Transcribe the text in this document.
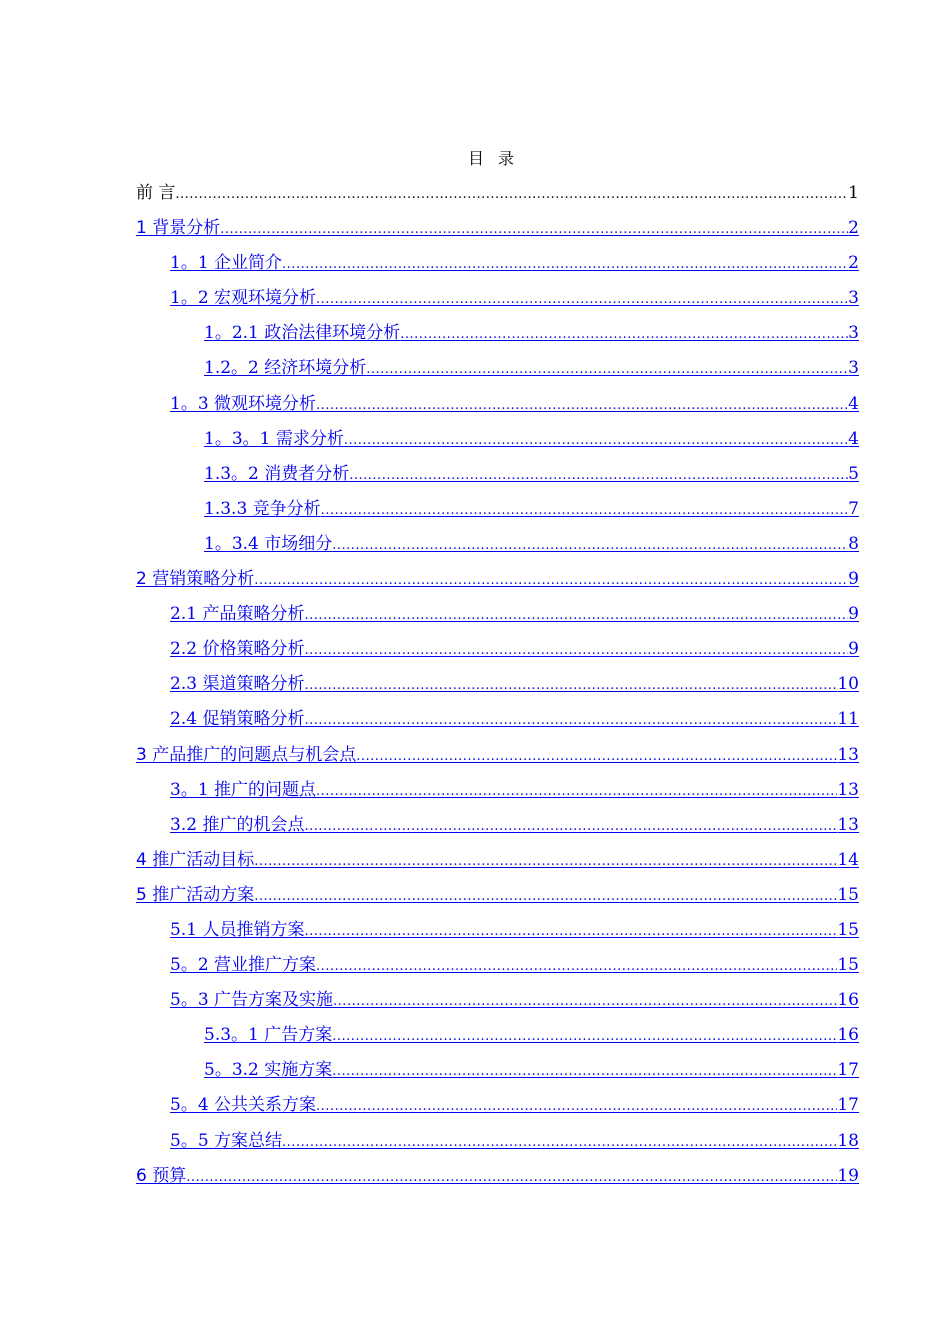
目录
前 言 .....	1
1 背景分析 .....	2
1。1 企业简介 .....	2
1。2 宏观环境分析 .....	3
1。2.1 政治法律环境分析 .....	3
1.2。2 经济环境分析 .....	3
1。3 微观环境分析 .....	4
1。3。1 需求分析 .....	4
1.3。2 消费者分析 .....	5
1.3.3 竞争分析 .....	7
1。3.4 市场细分 .....	8
2 营销策略分析 .....	9
2.1 产品策略分析 .....	9
2.2 价格策略分析 .....	9
2.3 渠道策略分析 .....	10
2.4 促销策略分析 .....	11
3 产品推广的问题点与机会点 .....	13
3。1 推广的问题点 .....	13
3.2 推广的机会点 .....	13
4 推广活动目标 .....	14
5 推广活动方案 .....	15
5.1 人员推销方案 .....	15
5。2 营业推广方案 .....	15
5。3 广告方案及实施 .....	16
5.3。1 广告方案 .....	16
5。3.2 实施方案 .....	17
5。4 公共关系方案 .....	17
5。5 方案总结 .....	18
6 预算 .....	19
